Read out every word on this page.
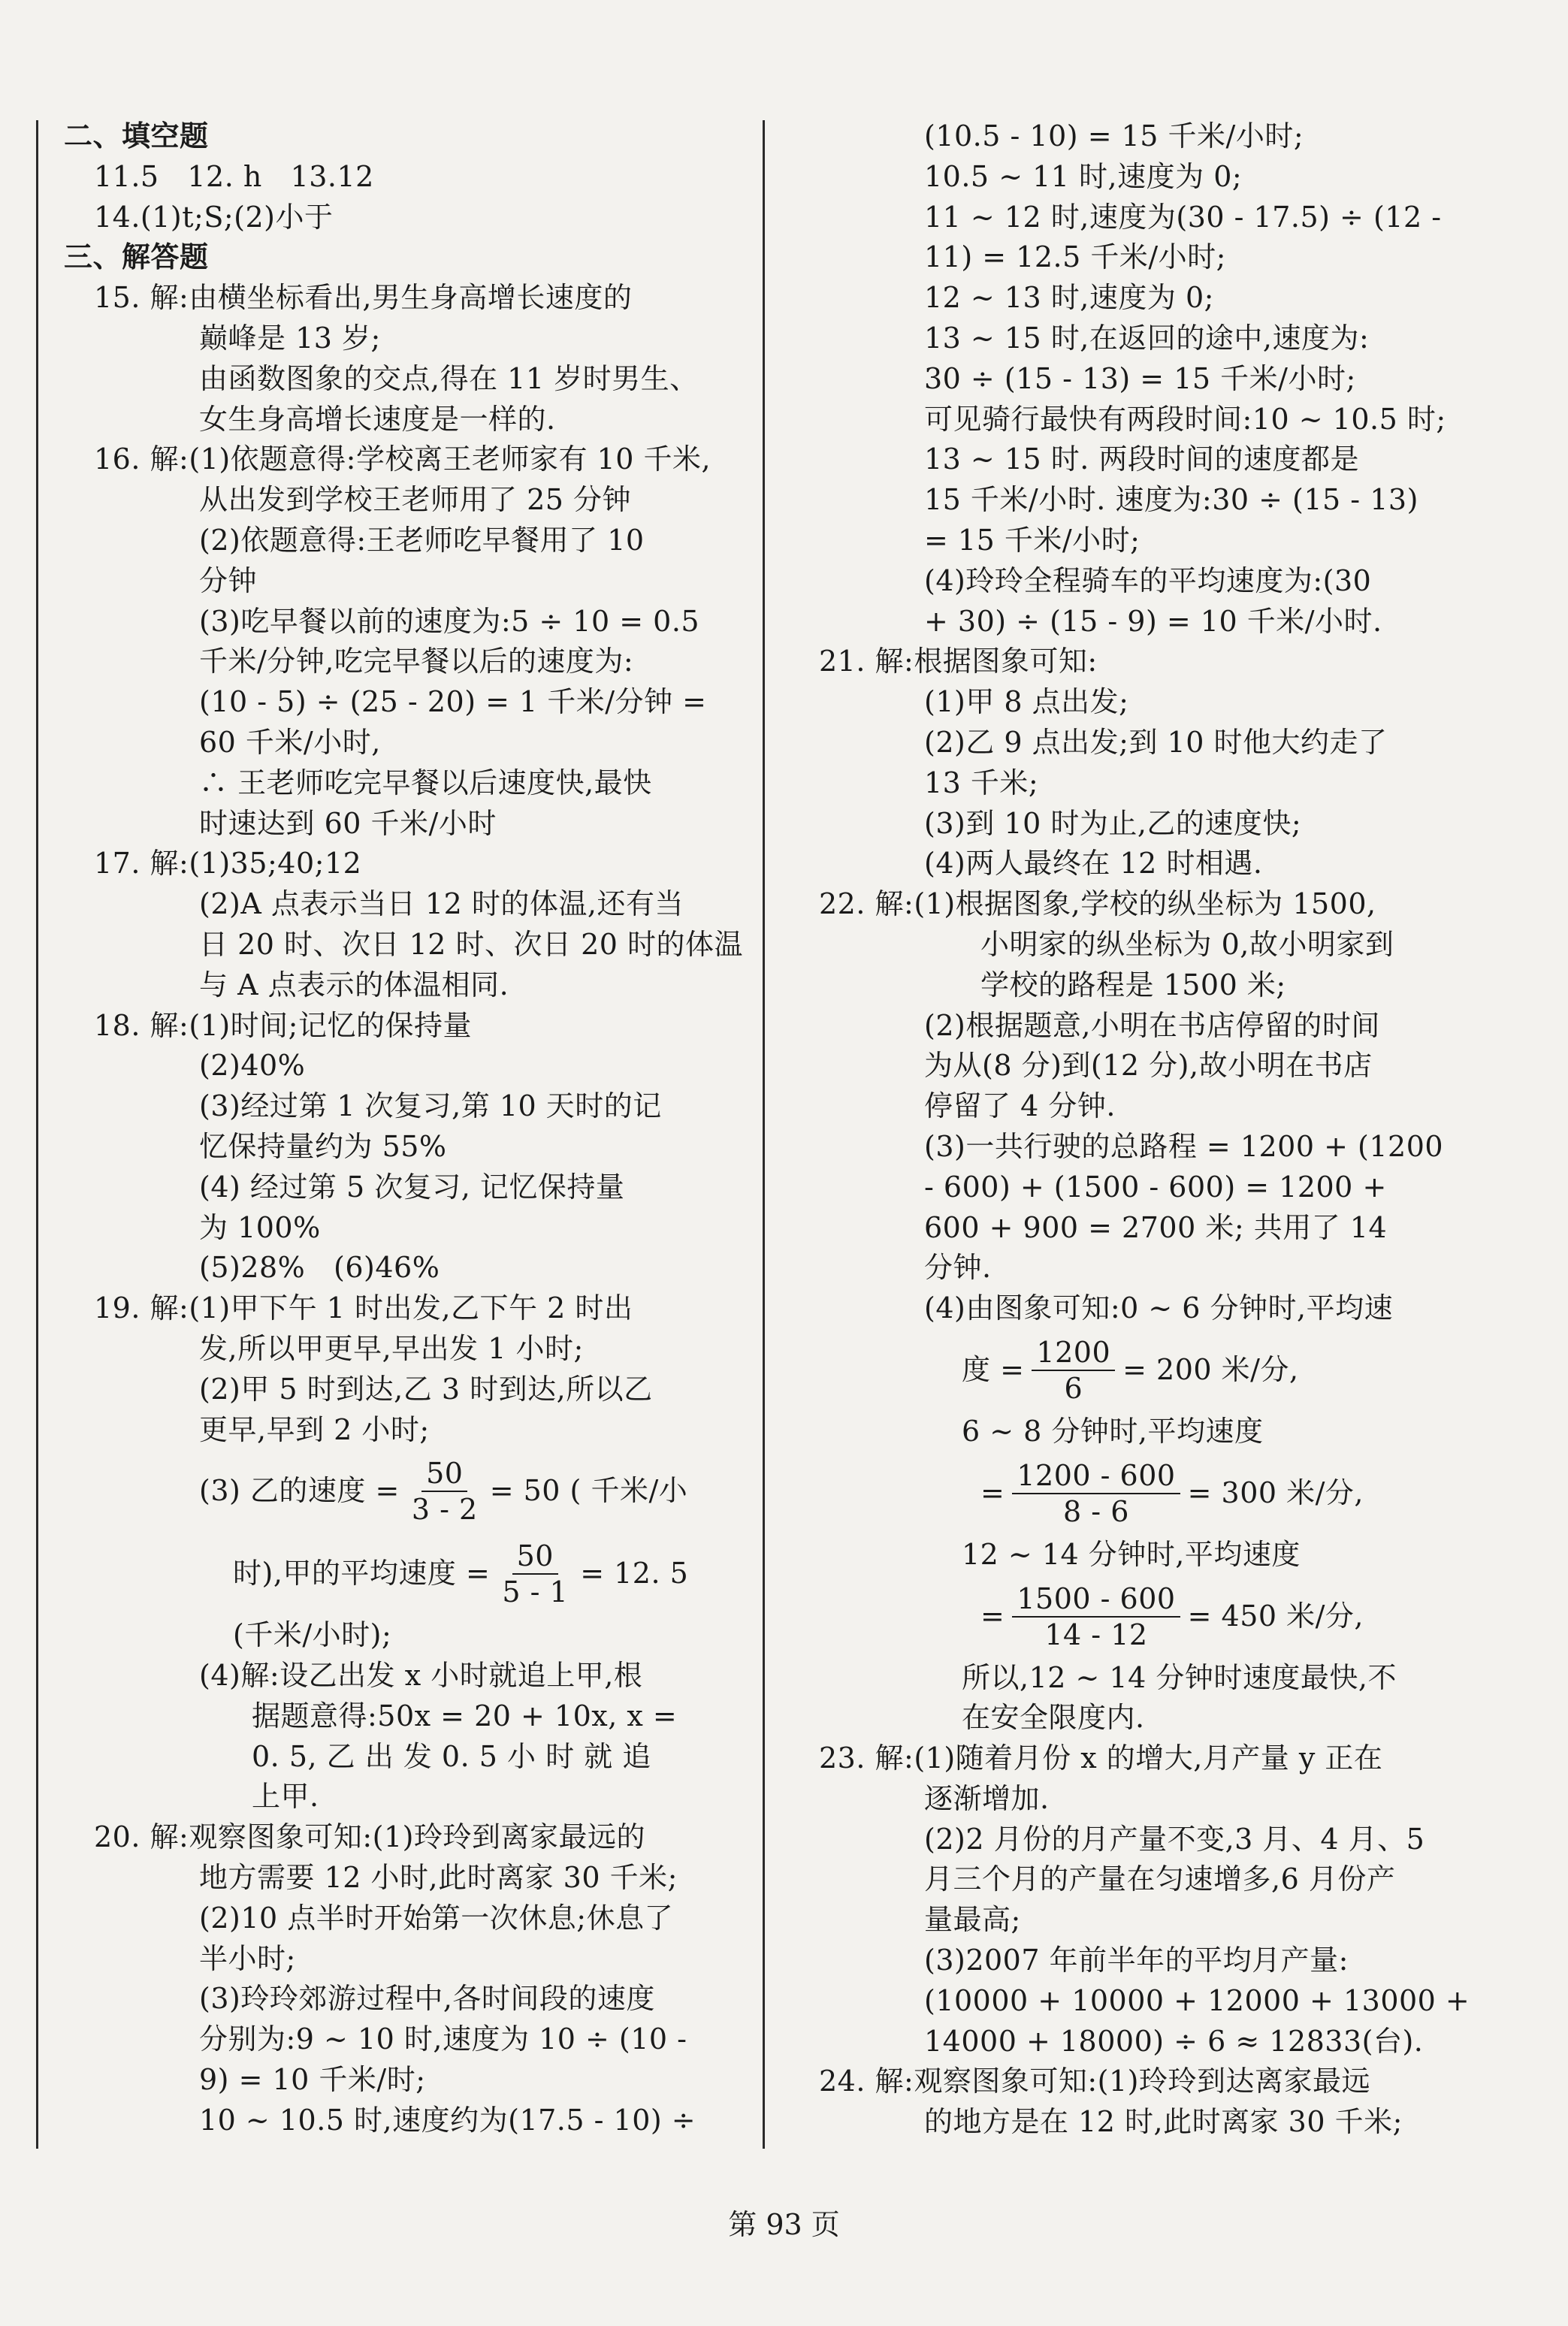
二、填空题
11.5   12. h   13.12
14.(1)t;S;(2)小于
三、解答题
15. 解:由横坐标看出,男生身高增长速度的
巅峰是 13 岁;
由函数图象的交点,得在 11 岁时男生、
女生身高增长速度是一样的.
16. 解:(1)依题意得:学校离王老师家有 10 千米,
从出发到学校王老师用了 25 分钟
(2)依题意得:王老师吃早餐用了 10
分钟
(3)吃早餐以前的速度为:5 ÷ 10 = 0.5
千米/分钟,吃完早餐以后的速度为:
(10 - 5) ÷ (25 - 20) = 1 千米/分钟 =
60 千米/小时,
∴ 王老师吃完早餐以后速度快,最快
时速达到 60 千米/小时
17. 解:(1)35;40;12
(2)A 点表示当日 12 时的体温,还有当
日 20 时、次日 12 时、次日 20 时的体温
与 A 点表示的体温相同.
18. 解:(1)时间;记忆的保持量
(2)40%
(3)经过第 1 次复习,第 10 天时的记
忆保持量约为 55%
(4) 经过第 5 次复习, 记忆保持量
为 100%
(5)28%   (6)46%
19. 解:(1)甲下午 1 时出发,乙下午 2 时出
发,所以甲更早,早出发 1 小时;
(2)甲 5 时到达,乙 3 时到达,所以乙
更早,早到 2 小时;
(3) 乙的速度 = $\frac{50}{3 - 2} = 50$ ( 千米/小
时),甲的平均速度 = $\frac{50}{5 - 1} = 12$. 5
(千米/小时);
(4)解:设乙出发 x 小时就追上甲,根
据题意得:50x = 20 + 10x, x =
0. 5, 乙 出 发 0. 5 小 时 就 追
上甲.
20. 解:观察图象可知:(1)玲玲到离家最远的
地方需要 12 小时,此时离家 30 千米;
(2)10 点半时开始第一次休息;休息了
半小时;
(3)玲玲郊游过程中,各时间段的速度
分别为:9 ~ 10 时,速度为 10 ÷ (10 -
9) = 10 千米/时;
10 ~ 10.5 时,速度约为(17.5 - 10) ÷
(10.5 - 10) = 15 千米/小时;
10.5 ~ 11 时,速度为 0;
11 ~ 12 时,速度为(30 - 17.5) ÷ (12 -
11) = 12.5 千米/小时;
12 ~ 13 时,速度为 0;
13 ~ 15 时,在返回的途中,速度为:
30 ÷ (15 - 13) = 15 千米/小时;
可见骑行最快有两段时间:10 ~ 10.5 时;
13 ~ 15 时. 两段时间的速度都是
15 千米/小时. 速度为:30 ÷ (15 - 13)
= 15 千米/小时;
(4)玲玲全程骑车的平均速度为:(30
+ 30) ÷ (15 - 9) = 10 千米/小时.
21. 解:根据图象可知:
(1)甲 8 点出发;
(2)乙 9 点出发;到 10 时他大约走了
13 千米;
(3)到 10 时为止,乙的速度快;
(4)两人最终在 12 时相遇.
22. 解:(1)根据图象,学校的纵坐标为 1500,
小明家的纵坐标为 0,故小明家到
学校的路程是 1500 米;
(2)根据题意,小明在书店停留的时间
为从(8 分)到(12 分),故小明在书店
停留了 4 分钟.
(3)一共行驶的总路程 = 1200 + (1200
- 600) + (1500 - 600) = 1200 +
600 + 900 = 2700 米; 共用了 14
分钟.
(4)由图象可知:0 ~ 6 分钟时,平均速
度 = $\frac{1200}{6} = 200$ 米/分,
6 ~ 8 分钟时,平均速度
= $\frac{1200 - 600}{8 - 6} = 300$ 米/分,
12 ~ 14 分钟时,平均速度
= $\frac{1500 - 600}{14 - 12} = 450$ 米/分,
所以,12 ~ 14 分钟时速度最快,不
在安全限度内.
23. 解:(1)随着月份 x 的增大,月产量 y 正在
逐渐增加.
(2)2 月份的月产量不变,3 月、4 月、5
月三个月的产量在匀速增多,6 月份产
量最高;
(3)2007 年前半年的平均月产量:
(10000 + 10000 + 12000 + 13000 +
14000 + 18000) ÷ 6 ≈ 12833(台).
24. 解:观察图象可知:(1)玲玲到达离家最远
的地方是在 12 时,此时离家 30 千米;
第 93 页
